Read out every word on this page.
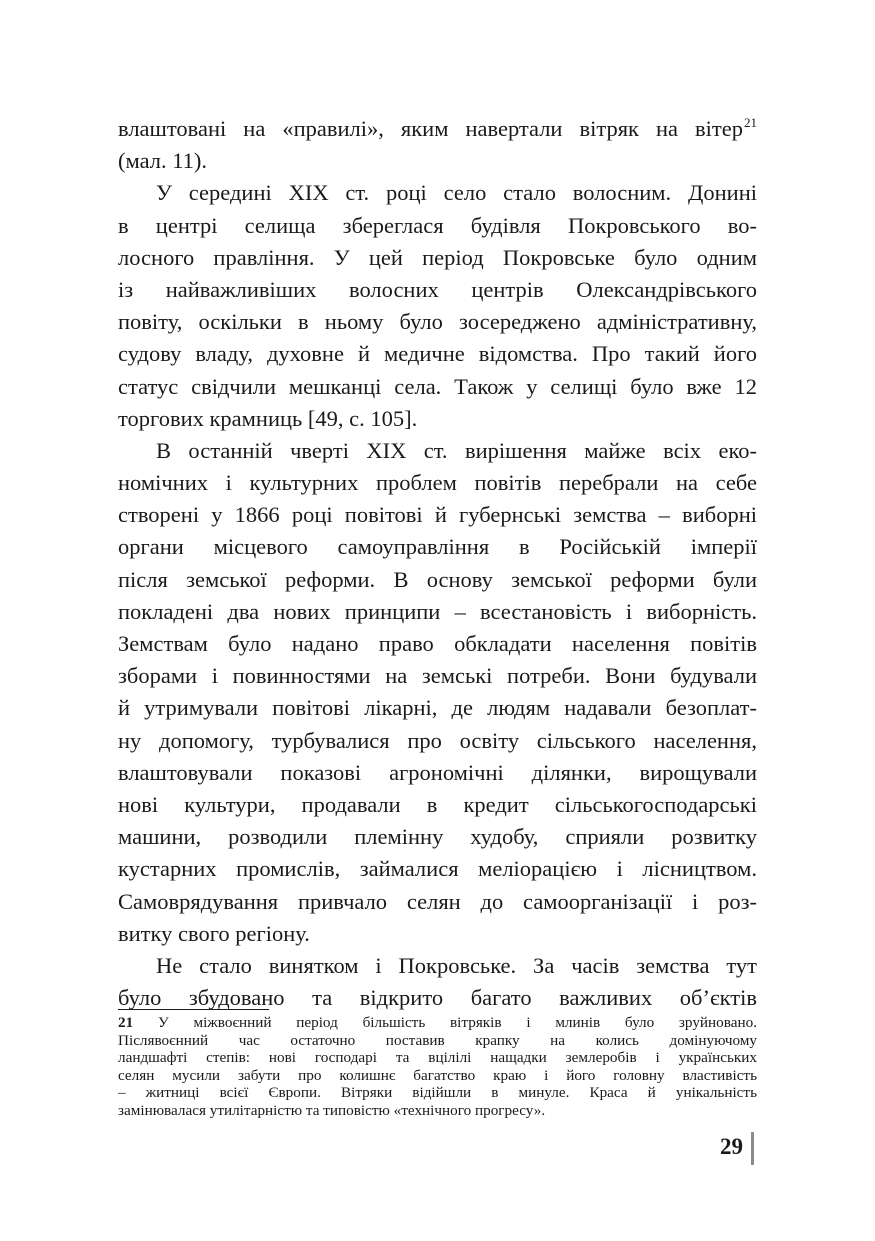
влаштовані на «правилі», яким навертали вітряк на вітер$^{21}$
(мал. 11).
У середині ХІХ ст. році село стало волосним. Донині
в центрі селища збереглася будівля Покровського во-
лосного правління. У цей період Покровське було одним
із найважливіших волосних центрів Олександрівського
повіту, оскільки в ньому було зосереджено адміністративну,
судову владу, духовне й медичне відомства. Про такий його
статус свідчили мешканці села. Також у селищі було вже 12
торгових крамниць [49, с. 105].
В останній чверті ХІХ ст. вирішення майже всіх еко-
номічних і культурних проблем повітів перебрали на себе
створені у 1866 році повітові й губернські земства – виборні
органи місцевого самоуправління в Російській імперії
після земської реформи. В основу земської реформи були
покладені два нових принципи – всестановість і виборність.
Земствам було надано право обкладати населення повітів
зборами і повинностями на земські потреби. Вони будували
й утримували повітові лікарні, де людям надавали безоплат-
ну допомогу, турбувалися про освіту сільського населення,
влаштовували показові агрономічні ділянки, вирощували
нові культури, продавали в кредит сільськогосподарські
машини, розводили племінну худобу, сприяли розвитку
кустарних промислів, займалися меліорацією і лісництвом.
Самоврядування привчало селян до самоорганізації і роз-
витку свого регіону.
Не стало винятком і Покровське. За часів земства тут
було збудовано та відкрито багато важливих об’єктів
21 У міжвоєнний період більшість вітряків і млинів було зруйновано.
Післявоєнний час остаточно поставив крапку на колись домінуючому
ландшафті степів: нові господарі та вцілілі нащадки землеробів і українських
селян мусили забути про колишнє багатство краю і його головну властивість
– житниці всієї Європи. Вітряки відійшли в минуле. Краса й унікальність
замінювалася утилітарністю та типовістю «технічного прогресу».
29
